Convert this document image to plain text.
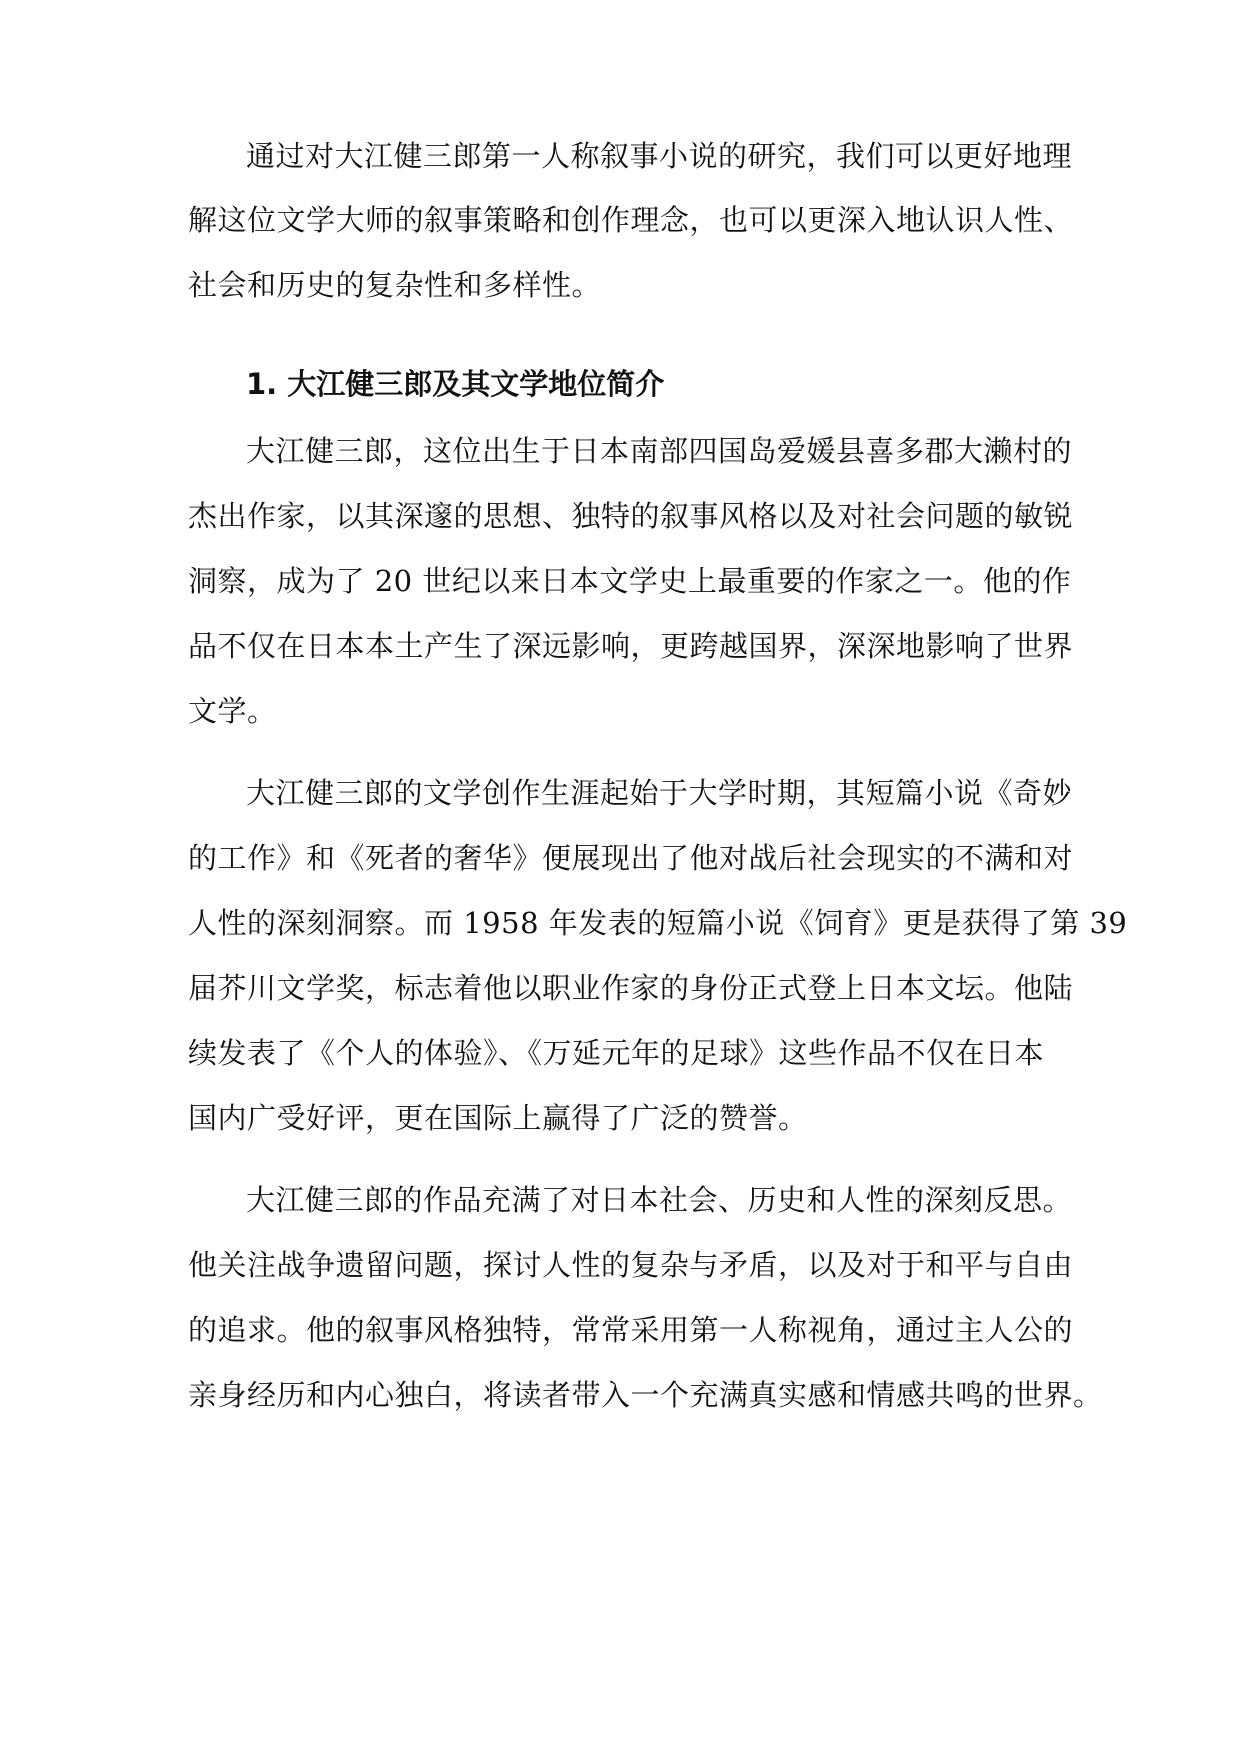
通过对大江健三郎第一人称叙事小说的研究，我们可以更好地理
解这位文学大师的叙事策略和创作理念，也可以更深入地认识人性、
社会和历史的复杂性和多样性。
1. 大江健三郎及其文学地位简介
大江健三郎，这位出生于日本南部四国岛爱媛县喜多郡大濑村的
杰出作家，以其深邃的思想、独特的叙事风格以及对社会问题的敏锐
洞察，成为了 20 世纪以来日本文学史上最重要的作家之一。他的作
品不仅在日本本土产生了深远影响，更跨越国界，深深地影响了世界
文学。
大江健三郎的文学创作生涯起始于大学时期，其短篇小说《奇妙
的工作》和《死者的奢华》便展现出了他对战后社会现实的不满和对
人性的深刻洞察。而 1958 年发表的短篇小说《饲育》更是获得了第 39
届芥川文学奖，标志着他以职业作家的身份正式登上日本文坛。他陆
续发表了《个人的体验》、《万延元年的足球》这些作品不仅在日本
国内广受好评，更在国际上赢得了广泛的赞誉。
大江健三郎的作品充满了对日本社会、历史和人性的深刻反思。
他关注战争遗留问题，探讨人性的复杂与矛盾，以及对于和平与自由
的追求。他的叙事风格独特，常常采用第一人称视角，通过主人公的
亲身经历和内心独白，将读者带入一个充满真实感和情感共鸣的世界。
